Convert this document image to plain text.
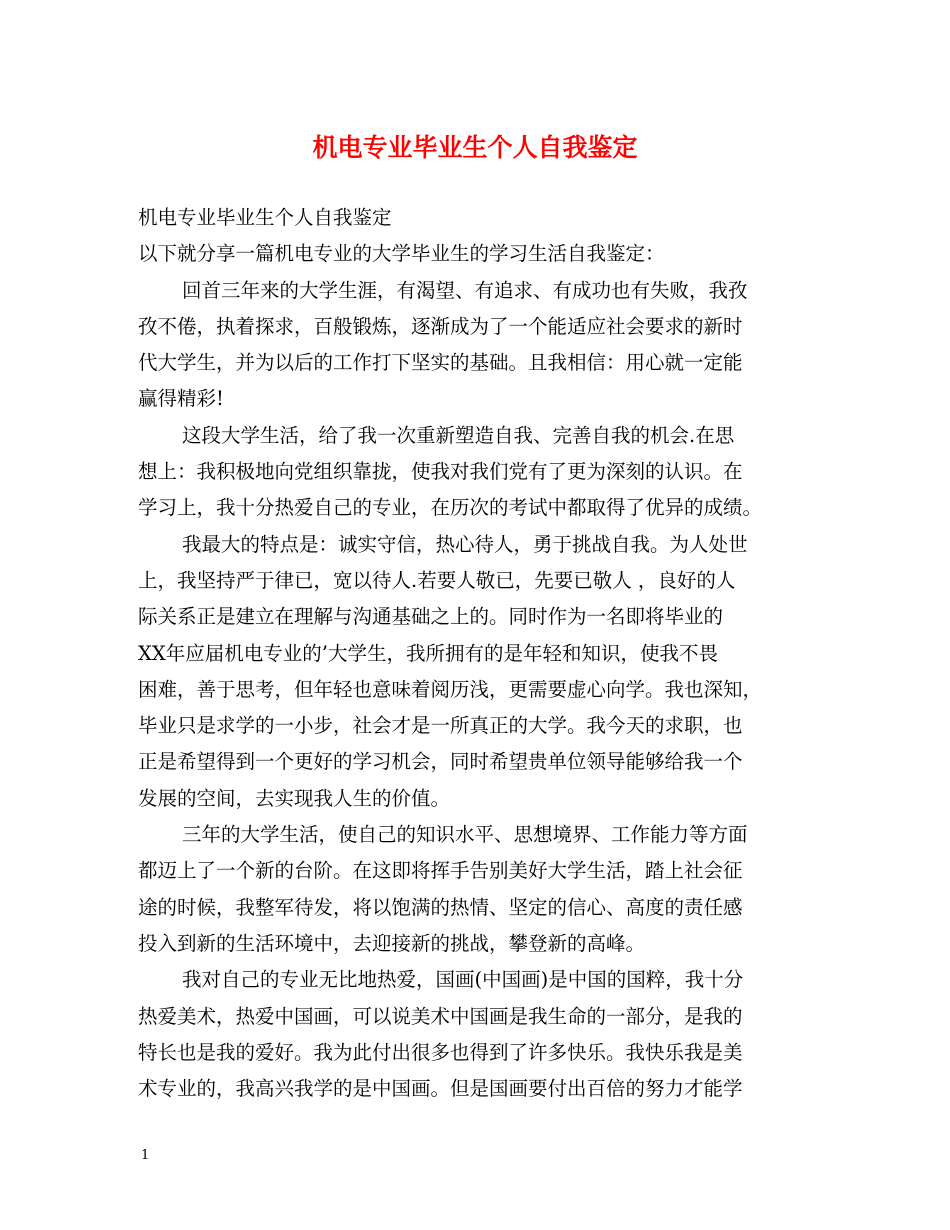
机电专业毕业生个人自我鉴定
机电专业毕业生个人自我鉴定
以下就分享一篇机电专业的大学毕业生的学习生活自我鉴定：
回首三年来的大学生涯，有渴望、有追求、有成功也有失败，我孜
孜不倦，执着探求，百般锻炼，逐渐成为了一个能适应社会要求的新时
代大学生，并为以后的工作打下坚实的基础。且我相信：用心就一定能
赢得精彩!
这段大学生活，给了我一次重新塑造自我、完善自我的机会.在思
想上：我积极地向党组织靠拢，使我对我们党有了更为深刻的认识。在
学习上，我十分热爱自己的专业，在历次的考试中都取得了优异的成绩。
我最大的特点是：诚实守信，热心待人，勇于挑战自我。为人处世
上，我坚持严于律已，宽以待人.若要人敬已，先要已敬人 ，良好的人
际关系正是建立在理解与沟通基础之上的。同时作为一名即将毕业的
XX年应届机电专业的’大学生，我所拥有的是年轻和知识，使我不畏
困难，善于思考，但年轻也意味着阅历浅，更需要虚心向学。我也深知，
毕业只是求学的一小步，社会才是一所真正的大学。我今天的求职，也
正是希望得到一个更好的学习机会，同时希望贵单位领导能够给我一个
发展的空间，去实现我人生的价值。
三年的大学生活，使自己的知识水平、思想境界、工作能力等方面
都迈上了一个新的台阶。在这即将挥手告别美好大学生活，踏上社会征
途的时候，我整军待发，将以饱满的热情、坚定的信心、高度的责任感
投入到新的生活环境中，去迎接新的挑战，攀登新的高峰。
我对自己的专业无比地热爱，国画(中国画)是中国的国粹，我十分
热爱美术，热爱中国画，可以说美术中国画是我生命的一部分，是我的
特长也是我的爱好。我为此付出很多也得到了许多快乐。我快乐我是美
术专业的，我高兴我学的是中国画。但是国画要付出百倍的努力才能学
1
